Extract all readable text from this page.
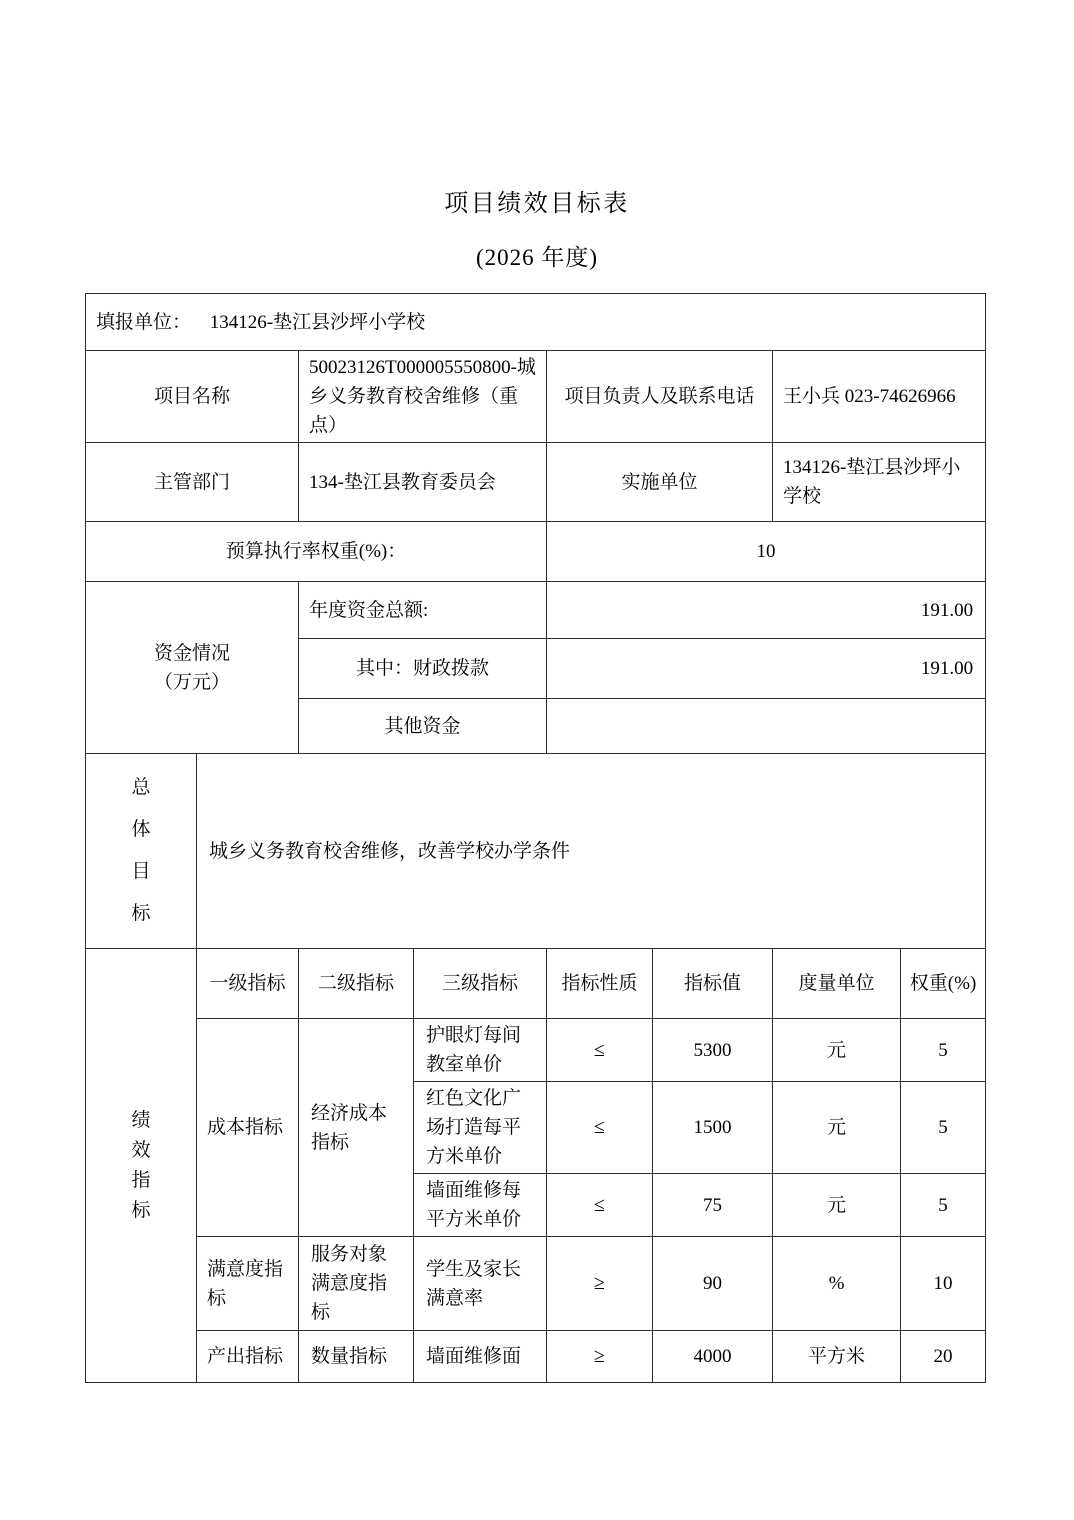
项目绩效目标表
(2026 年度)
填报单位： 134126-垫江县沙坪小学校							
项目名称		50023126T000005550800-城乡义务教育校舍维修（重点）		项目负责人及联系电话		王小兵 023-74626966	
主管部门		134-垫江县教育委员会		实施单位		134126-垫江县沙坪小学校	
预算执行率权重(%)：				10			

资金情况
（万元）		年度资金总额:		191.00			
		其中：财政拨款		191.00			
		其他资金					

总体目标	城乡义务教育校舍维修，改善学校办学条件						

绩效指标	一级指标	二级指标	三级指标	指标性质	指标值	度量单位	权重(%)
	成本指标	经济成本指标	护眼灯每间教室单价	≤	5300	元	5
			红色文化广场打造每平方米单价	≤	1500	元	5
			墙面维修每平方米单价	≤	75	元	5
	满意度指标	服务对象满意度指标	学生及家长满意率	≥	90	%	10
	产出指标	数量指标	墙面维修面	≥	4000	平方米	20
